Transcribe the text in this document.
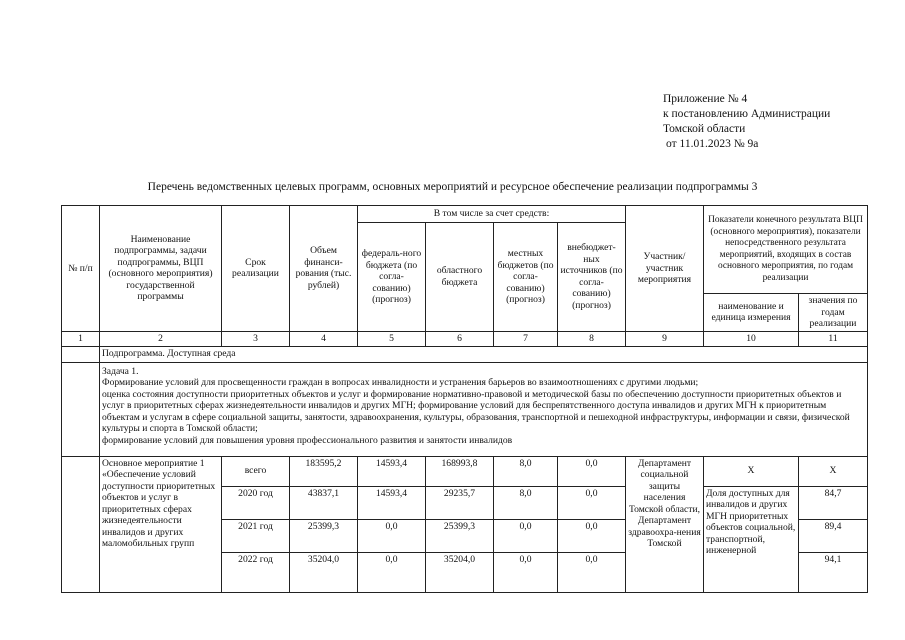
Приложение № 4
к постановлению Администрации
Томской области
от 11.01.2023 № 9а
Перечень ведомственных целевых программ, основных мероприятий и ресурсное обеспечение реализации подпрограммы 3
№ п/п	Наименование подпрограммы, задачи подпрограммы, ВЦП (основного мероприятия) государственной программы	Срок реализации	Объем финанси-рования (тыс. рублей)	В том числе за счет средств:				Участник/ участник мероприятия	Показатели конечного результата ВЦП (основного мероприятия), показатели непосредственного результата мероприятий, входящих в состав основного мероприятия, по годам реализации	
				федераль-ного бюджета (по согла-сованию) (прогноз)	областного бюджета	местных бюджетов (по согла-сованию) (прогноз)	внебюджет-ных источников (по согла-сованию) (прогноз)			
									наименование и единица измерения	значения по годам реализации
1	2	3	4	5	6	7	8	9	10	11
	Подпрограмма. Доступная среда									

	Задача 1.
Формирование условий для просвещенности граждан в вопросах инвалидности и устранения барьеров во взаимоотношениях с другими людьми;
оценка состояния доступности приоритетных объектов и услуг и формирование нормативно-правовой и методической базы по обеспечению доступности приоритетных объектов и услуг в приоритетных сферах жизнедеятельности инвалидов и других МГН; формирование условий для беспрепятственного доступа инвалидов и других МГН к приоритетным объектам и услугам в сфере социальной защиты, занятости, здравоохранения, культуры, образования, транспортной и пешеходной инфраструктуры, информации и связи, физической культуры и спорта в Томской области;
формирование условий для повышения уровня профессионального развития и занятости инвалидов									

	Основное мероприятие 1 «Обеспечение условий доступности приоритетных объектов и услуг в приоритетных сферах жизнедеятельности инвалидов и других маломобильных групп	всего	183595,2	14593,4	168993,8	8,0	0,0	Департамент социальной защиты населения Томской области, Департамент здравоохра-нения Томской	Х	Х
		2020 год	43837,1	14593,4	29235,7	8,0	0,0		Доля доступных для инвалидов и других МГН приоритетных объектов социальной, транспортной, инженерной	84,7
		2021 год	25399,3	0,0	25399,3	0,0	0,0			89,4
		2022 год	35204,0	0,0	35204,0	0,0	0,0			94,1
